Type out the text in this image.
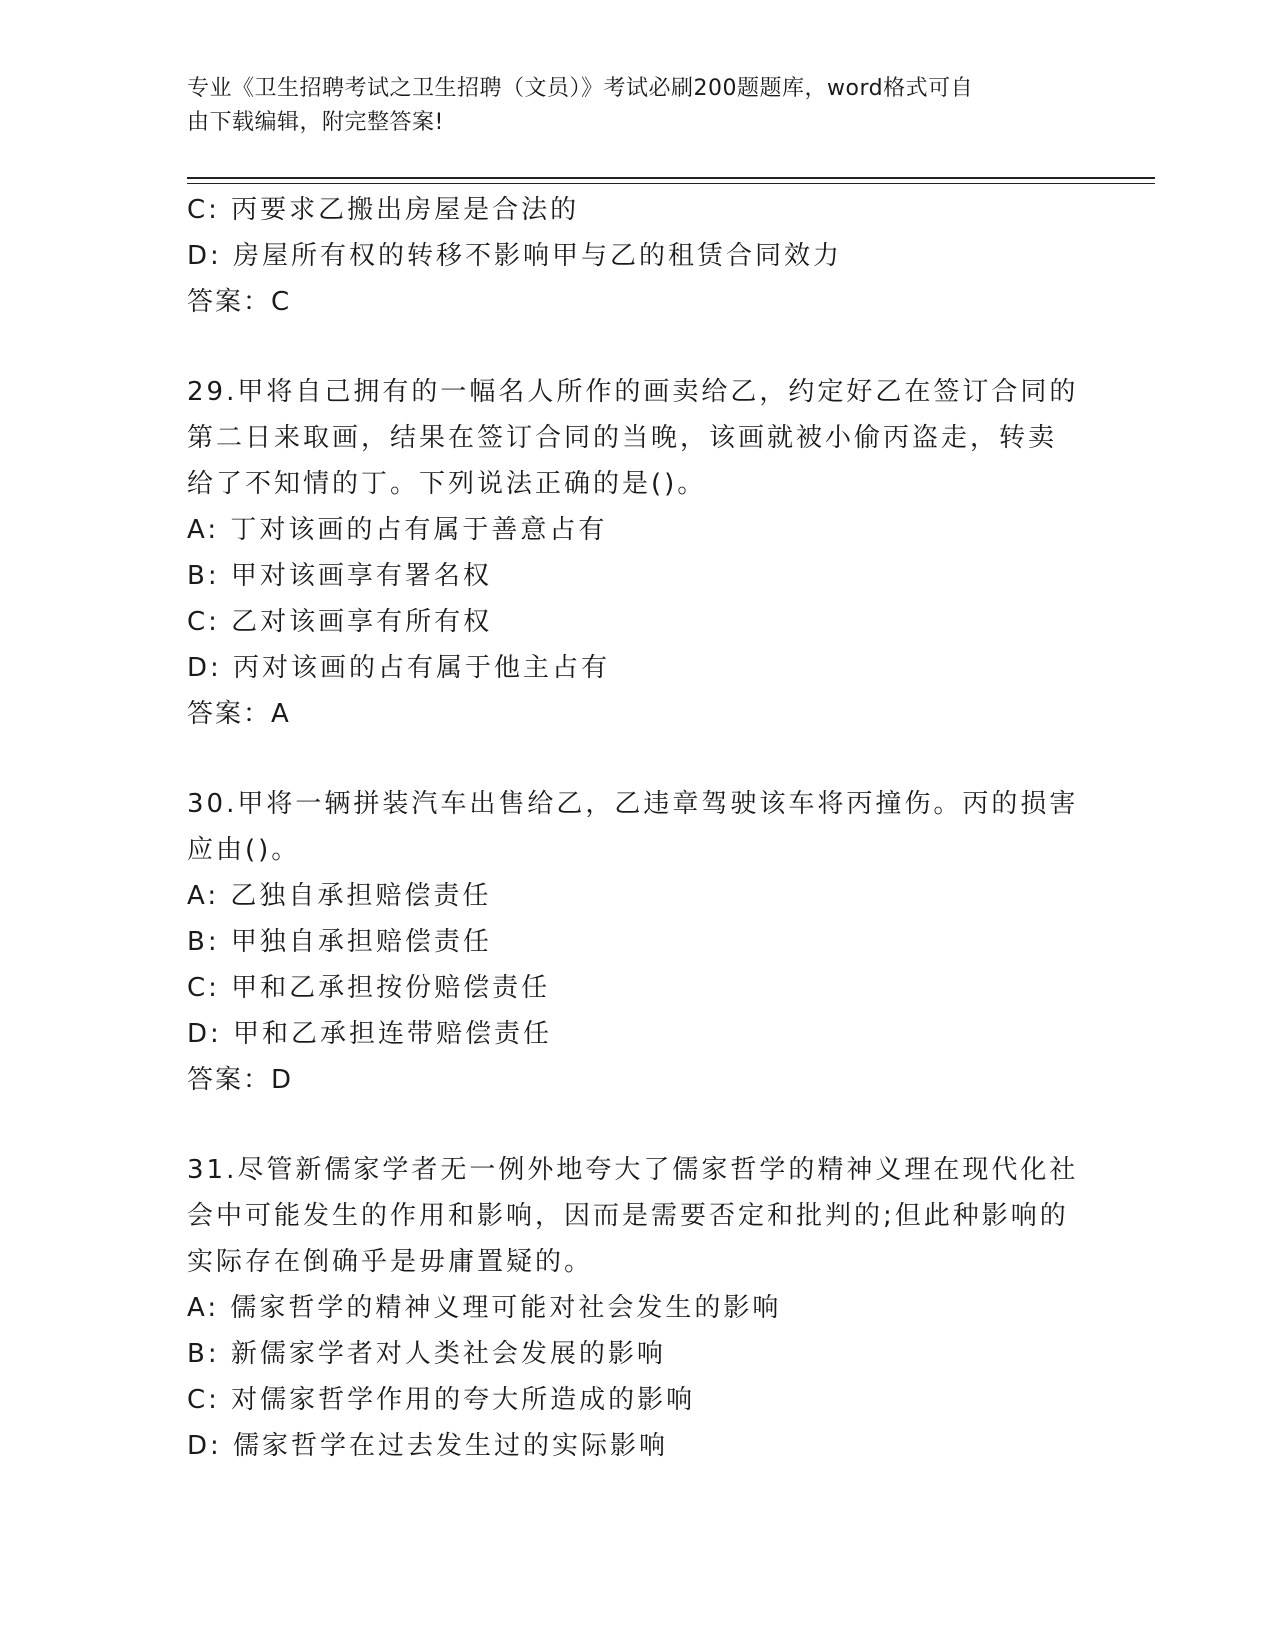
专业《卫生招聘考试之卫生招聘（文员）》考试必刷200题题库，word格式可自
由下载编辑，附完整答案!
C: 丙要求乙搬出房屋是合法的
D: 房屋所有权的转移不影响甲与乙的租赁合同效力
答案：C
29.甲将自己拥有的一幅名人所作的画卖给乙，约定好乙在签订合同的
第二日来取画，结果在签订合同的当晚，该画就被小偷丙盗走，转卖
给了不知情的丁。下列说法正确的是()。
A: 丁对该画的占有属于善意占有
B: 甲对该画享有署名权
C: 乙对该画享有所有权
D: 丙对该画的占有属于他主占有
答案：A
30.甲将一辆拼装汽车出售给乙，乙违章驾驶该车将丙撞伤。丙的损害
应由()。
A: 乙独自承担赔偿责任
B: 甲独自承担赔偿责任
C: 甲和乙承担按份赔偿责任
D: 甲和乙承担连带赔偿责任
答案：D
31.尽管新儒家学者无一例外地夸大了儒家哲学的精神义理在现代化社
会中可能发生的作用和影响，因而是需要否定和批判的;但此种影响的
实际存在倒确乎是毋庸置疑的。
A: 儒家哲学的精神义理可能对社会发生的影响
B: 新儒家学者对人类社会发展的影响
C: 对儒家哲学作用的夸大所造成的影响
D: 儒家哲学在过去发生过的实际影响
